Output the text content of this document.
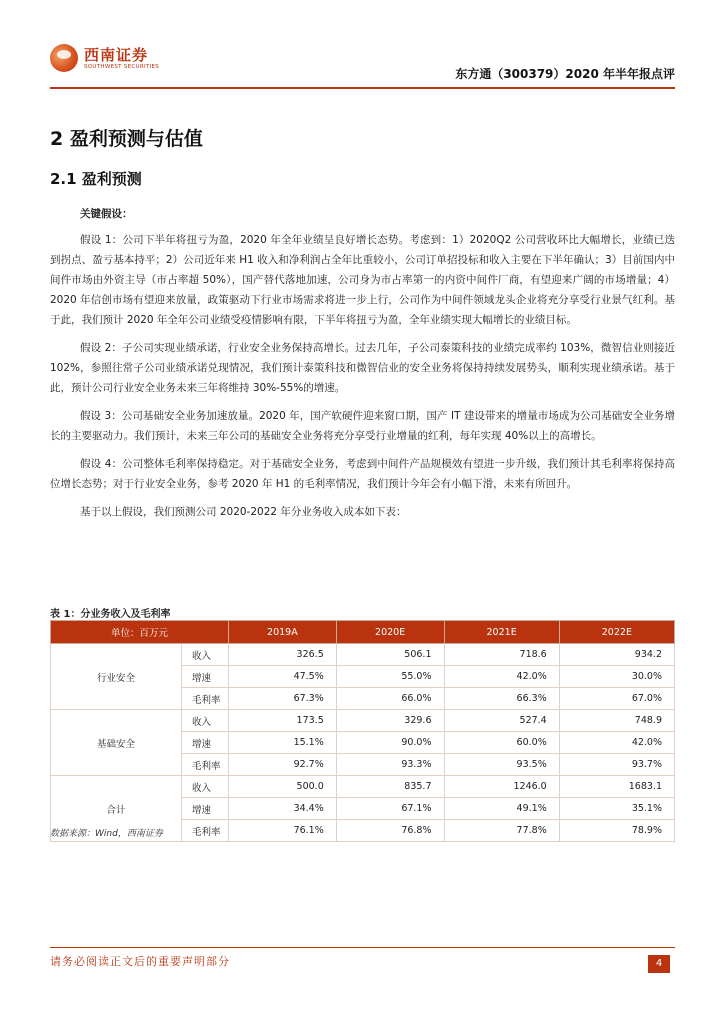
西南证券
SOUTHWEST SECURITIES	东方通（300379）2020 年半年报点评
2 盈利预测与估值
2.1 盈利预测

关键假设：

假设 1：公司下半年将扭亏为盈，2020 年全年业绩呈良好增长态势。考虑到：1）2020Q2 公司营收环比大幅增长，业绩已迭到拐点、盈亏基本持平；2）公司近年来 H1 收入和净利润占全年比重较小，公司订单招投标和收入主要在下半年确认；3）目前国内中间件市场由外资主导（市占率超 50%），国产替代落地加速，公司身为市占率第一的内资中间件厂商，有望迎来广阔的市场增量；4）2020 年信创市场有望迎来放量，政策驱动下行业市场需求将进一步上行，公司作为中间件领域龙头企业将充分享受行业景气红利。基于此，我们预计 2020 年全年公司业绩受疫情影响有限，下半年将扭亏为盈，全年业绩实现大幅增长的业绩目标。

假设 2：子公司实现业绩承诺，行业安全业务保持高增长。过去几年，子公司泰策科技的业绩完成率约 103%，微智信业则接近 102%，参照往常子公司业绩承诺兑现情况，我们预计泰策科技和微智信业的安全业务将保持持续发展势头，顺利实现业绩承诺。基于此，预计公司行业安全业务未来三年将维持 30%-55%的增速。

假设 3：公司基础安全业务加速放量。2020 年，国产软硬件迎来窗口期，国产 IT 建设带来的增量市场成为公司基础安全业务增长的主要驱动力。我们预计，未来三年公司的基础安全业务将充分享受行业增量的红利，每年实现 40%以上的高增长。

假设 4：公司整体毛利率保持稳定。对于基础安全业务，考虑到中间件产品规模效有望进一步升级，我们预计其毛利率将保持高位增长态势；对于行业安全业务，参考 2020 年 H1 的毛利率情况，我们预计今年会有小幅下滑，未来有所回升。

基于以上假设，我们预测公司 2020-2022 年分业务收入成本如下表：

表 1：分业务收入及毛利率
单位：百万元		2019A	2020E	2021E	2022E
行业安全	收入	326.5	506.1	718.6	934.2
	增速	47.5%	55.0%	42.0%	30.0%
	毛利率	67.3%	66.0%	66.3%	67.0%
基础安全	收入	173.5	329.6	527.4	748.9
	增速	15.1%	90.0%	60.0%	42.0%
	毛利率	92.7%	93.3%	93.5%	93.7%
合计	收入	500.0	835.7	1246.0	1683.1
	增速	34.4%	67.1%	49.1%	35.1%
	毛利率	76.1%	76.8%	77.8%	78.9%
数据来源：Wind，西南证券
请务必阅读正文后的重要声明部分	4
